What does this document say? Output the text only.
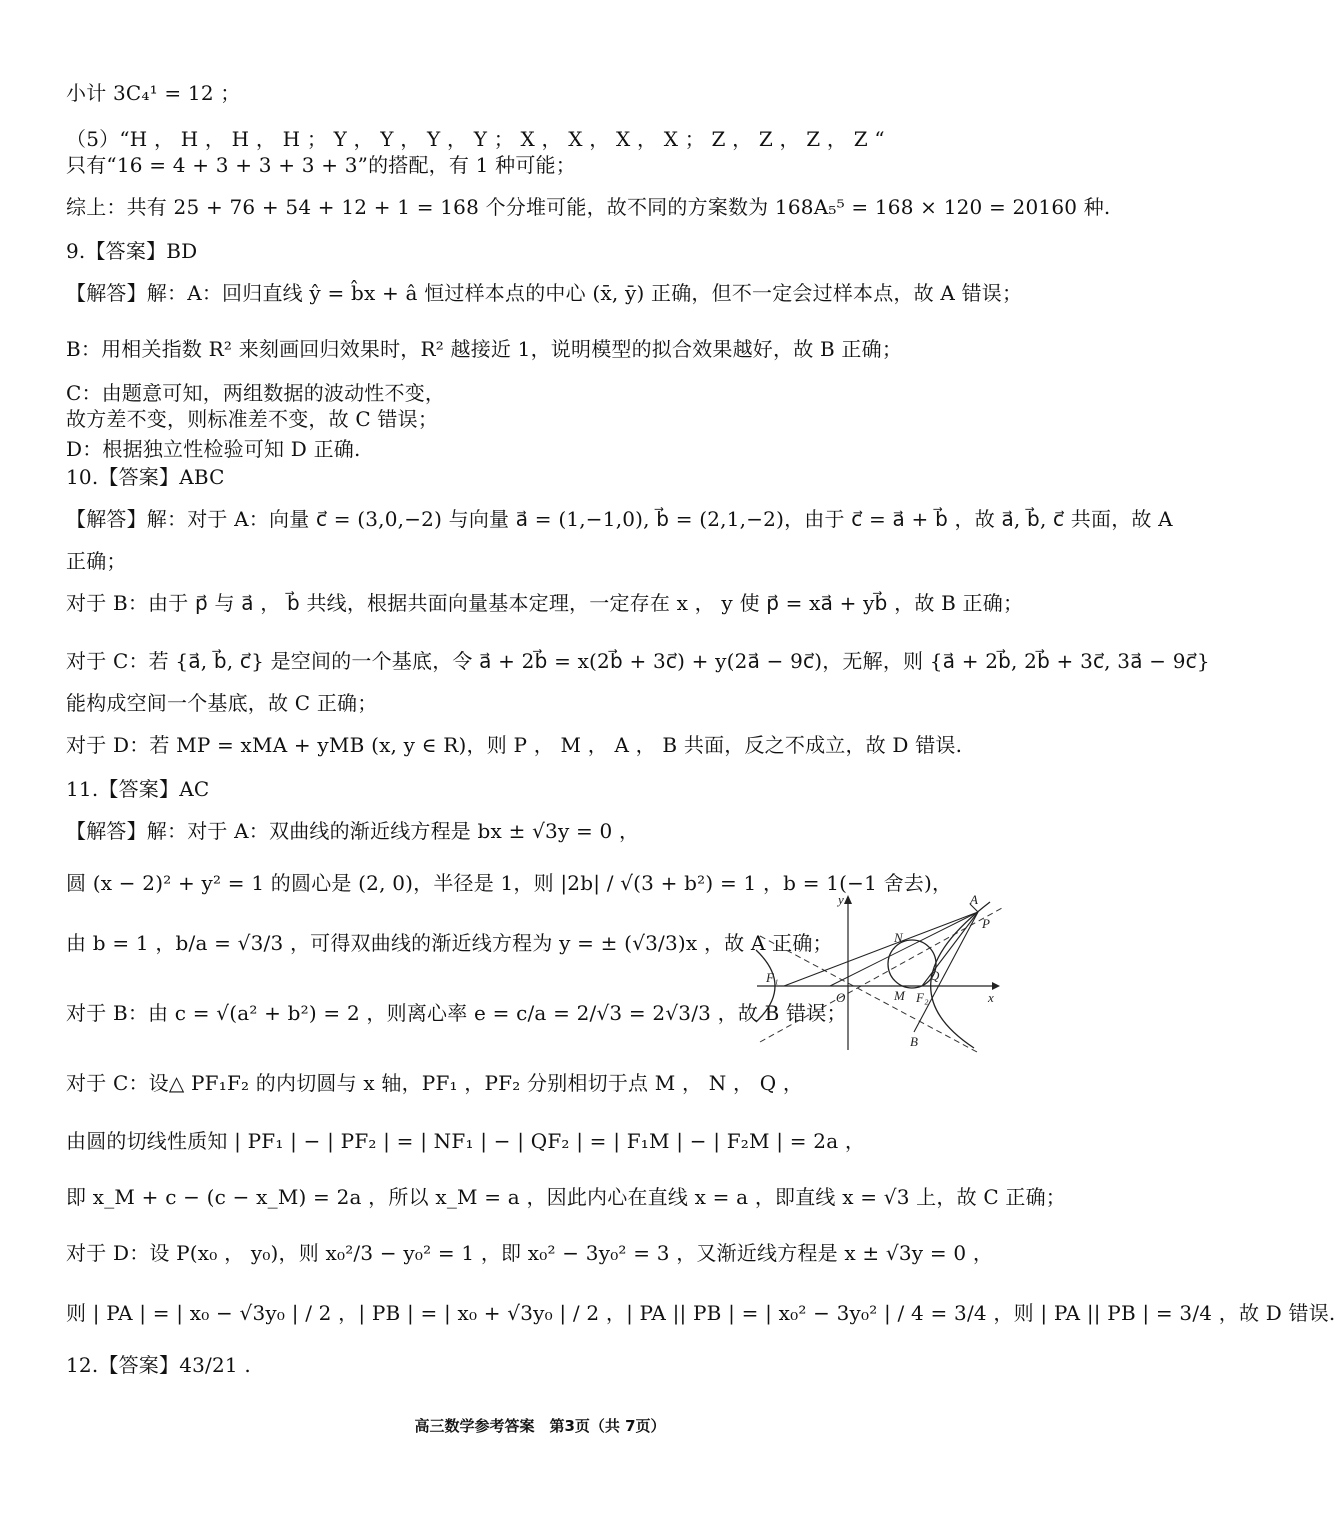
小计 3C₄¹ = 12 ；
（5）“H ， H ， H ， H ； Y ， Y ， Y ， Y ； X ， X ， X ， X ； Z ， Z ， Z ， Z “
只有“16 = 4 + 3 + 3 + 3 + 3”的搭配，有 1 种可能；
综上：共有 25 + 76 + 54 + 12 + 1 = 168 个分堆可能，故不同的方案数为 168A₅⁵ = 168 × 120 = 20160 种.
9.【答案】BD
【解答】解：A：回归直线 ŷ = b̂x + â 恒过样本点的中心 (x̄, ȳ) 正确，但不一定会过样本点，故 A 错误；
B：用相关指数 R² 来刻画回归效果时，R² 越接近 1，说明模型的拟合效果越好，故 B 正确；
C：由题意可知，两组数据的波动性不变，
故方差不变，则标准差不变，故 C 错误；
D：根据独立性检验可知 D 正确.
10.【答案】ABC
【解答】解：对于 A：向量 c⃗ = (3,0,−2) 与向量 a⃗ = (1,−1,0), b⃗ = (2,1,−2)，由于 c⃗ = a⃗ + b⃗ ，故 a⃗, b⃗, c⃗ 共面，故 A
正确；
对于 B：由于 p⃗ 与 a⃗ ， b⃗ 共线，根据共面向量基本定理，一定存在 x ， y 使 p⃗ = xa⃗ + yb⃗ ，故 B 正确；
对于 C：若 {a⃗, b⃗, c⃗} 是空间的一个基底，令 a⃗ + 2b⃗ = x(2b⃗ + 3c⃗) + y(2a⃗ − 9c⃗)，无解，则 {a⃗ + 2b⃗, 2b⃗ + 3c⃗, 3a⃗ − 9c⃗}
能构成空间一个基底，故 C 正确；
对于 D：若 MP = xMA + yMB (x, y ∈ R)，则 P ， M ， A ， B 共面，反之不成立，故 D 错误.
11.【答案】AC
【解答】解：对于 A：双曲线的渐近线方程是 bx ± √3y = 0 ，
圆 (x − 2)² + y² = 1 的圆心是 (2, 0)，半径是 1，则 |2b| / √(3 + b²) = 1 ，b = 1(−1 舍去)，
由 b = 1 ，b/a = √3/3 ，可得双曲线的渐近线方程为 y = ± (√3/3)x ，故 A 正确；
对于 B：由 c = √(a² + b²) = 2 ，则离心率 e = c/a = 2/√3 = 2√3/3 ，故 B 错误；
对于 C：设△ PF₁F₂ 的内切圆与 x 轴，PF₁ ，PF₂ 分别相切于点 M ， N ， Q ，
由圆的切线性质知 | PF₁ | − | PF₂ | = | NF₁ | − | QF₂ | = | F₁M | − | F₂M | = 2a ，
即 x_M + c − (c − x_M) = 2a ，所以 x_M = a ，因此内心在直线 x = a ，即直线 x = √3 上，故 C 正确；
对于 D：设 P(x₀ ， y₀)，则 x₀²/3 − y₀² = 1 ，即 x₀² − 3y₀² = 3 ，又渐近线方程是 x ± √3y = 0 ，
则 | PA | = | x₀ − √3y₀ | / 2 ，| PB | = | x₀ + √3y₀ | / 2 ，| PA || PB | = | x₀² − 3y₀² | / 4 = 3/4 ，则 | PA || PB | = 3/4 ，故 D 错误.
12.【答案】43/21 .
y	A
P
N
Q
F₁
O	M F₂	x
B
高三数学参考答案　第3页（共 7页）
